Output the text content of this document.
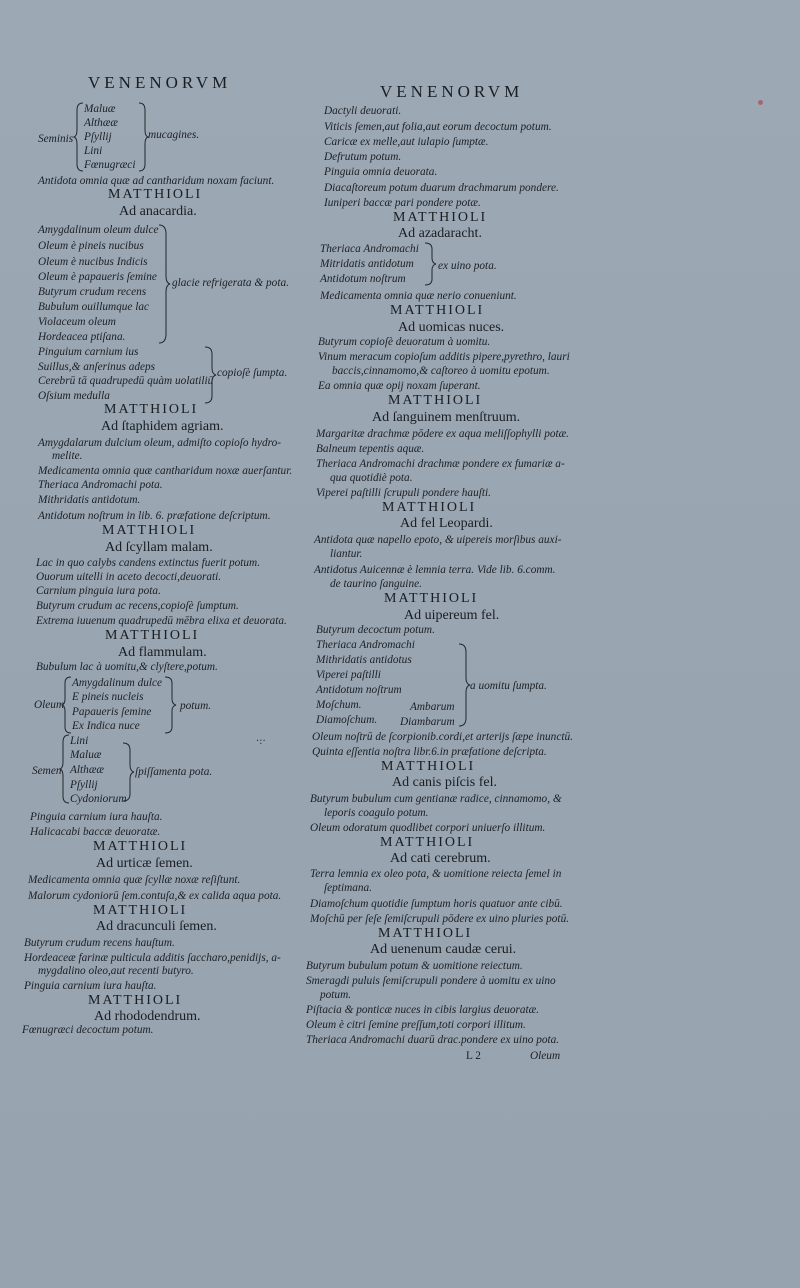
VENENORVM
Maluæ
Althææ
Pſyllij
Lini
Fœnugræci
Seminis	mucagines.
Antidota omnia quæ ad cantharidum noxam faciunt.
MATTHIOLI
Ad anacardia.
Amygdalinum oleum dulce
Oleum è pineis nucibus
Oleum è nucibus Indicis
Oleum è papaueris ſemine
Butyrum crudum recens
Bubulum ouillumque lac
Violaceum oleum
Hordeacea ptiſana.
glacie refrigerata & pota.
Pinguium carnium ius
Suillus,& anſerinus adeps
Cerebrū tā quadrupedū quàm uolatiliū
Oſsium medulla
copioſè ſumpta.
MATTHIOLI
Ad ſtaphidem agriam.
Amygdalarum dulcium oleum, admiſto copioſo hydro-
melite.
Medicamenta omnia quæ cantharidum noxæ auerſantur.
Theriaca Andromachi pota.
Mithridatis antidotum.
Antidotum noſtrum in lib. 6. præfatione deſcriptum.
MATTHIOLI
Ad ſcyllam malam.
Lac in quo calybs candens extinctus fuerit potum.
Ouorum uitelli in aceto decocti,deuorati.
Carnium pinguia iura pota.
Butyrum crudum ac recens,copioſè ſumptum.
Extrema iuuenum quadrupedū mēbra elixa et deuorata.
MATTHIOLI
Ad flammulam.
Bubulum lac à uomitu,& clyſtere,potum.
Oleum
Amygdalinum dulce
E pineis nucleis
Papaueris ſemine
Ex Indica nuce
potum.
Semen
Lini
Maluæ
Althææ
Pſyllij
Cydoniorum
ſpiſſamenta pota.
·:·
Pinguia carnium iura hauſta.
Halicacabi baccæ deuoratæ.
MATTHIOLI
Ad urticæ ſemen.
Medicamenta omnia quæ ſcyllæ noxæ reſiſtunt.
Malorum cydoniorū ſem.contuſa,& ex calida aqua pota.
MATTHIOLI
Ad dracunculi ſemen.
Butyrum crudum recens hauſtum.
Hordeaceæ farinæ pulticula additis ſaccharo,penidijs, a-
mygdalino oleo,aut recenti butyro.
Pinguia carnium iura hauſta.
MATTHIOLI
Ad rhododendrum.
Fœnugræci decoctum potum.
VENENORVM
Dactyli deuorati.
Viticis ſemen,aut folia,aut eorum decoctum potum.
Caricæ ex melle,aut iulapio ſumptæ.
Defrutum potum.
Pinguia omnia deuorata.
Diacaſtoreum potum duarum drachmarum pondere.
Iuniperi baccæ pari pondere potæ.
MATTHIOLI
Ad azadaracht.
Theriaca Andromachi
Mitridatis antidotum
Antidotum noſtrum
ex uino pota.
Medicamenta omnia quæ nerio conueniunt.
MATTHIOLI
Ad uomicas nuces.
Butyrum copioſè deuoratum à uomitu.
Vinum meracum copioſum additis pipere,pyrethro, lauri
baccis,cinnamomo,& caſtoreo à uomitu epotum.
Ea omnia quæ opij noxam ſuperant.
MATTHIOLI
Ad ſanguinem menſtruum.
Margaritæ drachmæ pōdere ex aqua meliſſophylli potæ.
Balneum tepentis aquæ.
Theriaca Andromachi drachmæ pondere ex fumariæ a-
qua quotidiè pota.
Viperei paſtilli ſcrupuli pondere hauſti.
MATTHIOLI
Ad fel Leopardi.
Antidota quæ napello epoto, & uipereis morſibus auxi-
liantur.
Antidotus Auicennæ è lemnia terra. Vide lib. 6.comm.
de taurino ſanguine.
MATTHIOLI
Ad uipereum fel.
Butyrum decoctum potum.
Theriaca Andromachi
Mithridatis antidotus
Viperei paſtilli
Antidotum noſtrum
Moſchum.	Ambarum
Diamoſchum. Diambarum
a uomitu ſumpta.
Oleum noſtrū de ſcorpionib.cordi,et arterijs ſæpe inunctū.
Quinta eſſentia noſtra libr.6.in præfatione deſcripta.
MATTHIOLI
Ad canis piſcis fel.
Butyrum bubulum cum gentianæ radice, cinnamomo, &
leporis coagulo potum.
Oleum odoratum quodlibet corpori uniuerſo illitum.
MATTHIOLI
Ad cati cerebrum.
Terra lemnia ex oleo pota, & uomitione reiecta ſemel in
ſeptimana.
Diamoſchum quotidie ſumptum horis quatuor ante cibū.
Moſchū per ſeſe ſemiſcrupuli pōdere ex uino pluries potū.
MATTHIOLI
Ad uenenum caudæ cerui.
Butyrum bubulum potum & uomitione reiectum.
Smeragdi puluis ſemiſcrupuli pondere à uomitu ex uino
potum.
Piſtacia & ponticæ nuces in cibis largius deuoratæ.
Oleum è citri ſemine preſſum,toti corpori illitum.
Theriaca Andromachi duarū drac.pondere ex uino pota.
L 2	Oleum
